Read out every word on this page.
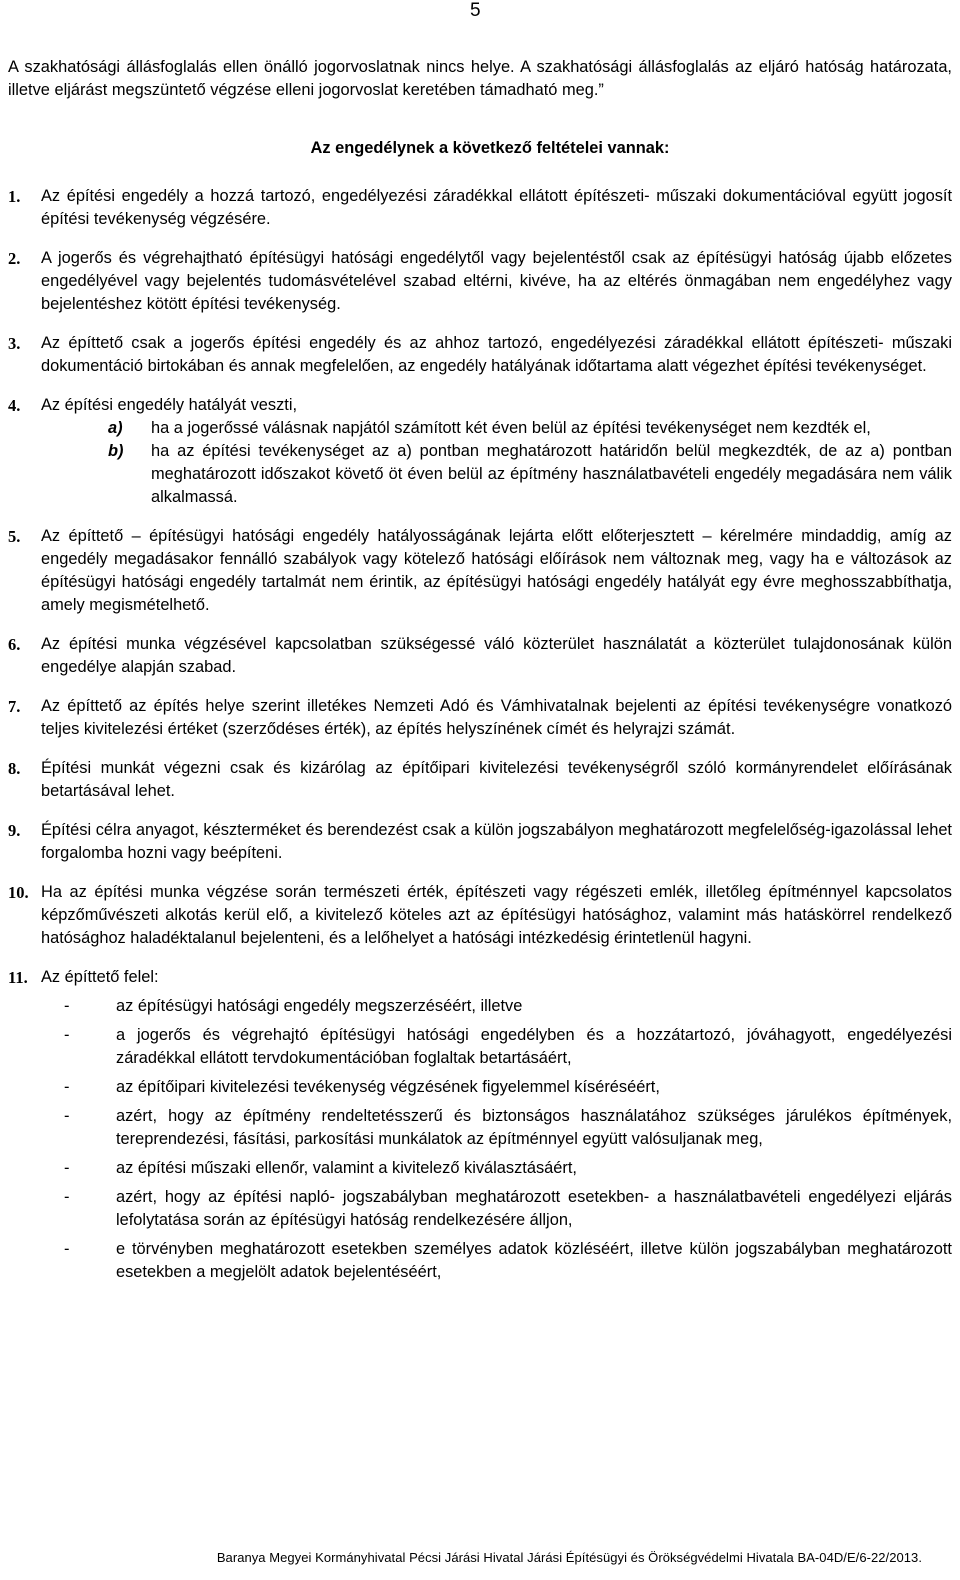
5

A szakhatósági állásfoglalás ellen önálló jogorvoslatnak nincs helye. A szakhatósági állásfoglalás az eljáró hatóság határozata, illetve eljárást megszüntető végzése elleni jogorvoslat keretében támadható meg.”

Az engedélynek a következő feltételei vannak:
1.	Az építési engedély a hozzá tartozó, engedélyezési záradékkal ellátott építészeti- műszaki dokumentációval együtt jogosít építési tevékenység végzésére.

2.	A jogerős és végrehajtható építésügyi hatósági engedélytől vagy bejelentéstől csak az építésügyi hatóság újabb előzetes engedélyével vagy bejelentés tudomásvételével szabad eltérni, kivéve, ha az eltérés önmagában nem engedélyhez vagy bejelentéshez kötött építési tevékenység.

3.	Az építtető csak a jogerős építési engedély és az ahhoz tartozó, engedélyezési záradékkal ellátott építészeti- műszaki dokumentáció birtokában és annak megfelelően, az engedély hatályának időtartama alatt végezhet építési tevékenységet.

4.	Az építési engedély hatályát veszti,

a)	ha a jogerőssé válásnak napjától számított két éven belül az építési tevékenységet nem kezdték el,
b)	ha az építési tevékenységet az a) pontban meghatározott határidőn belül megkezdték, de az a) pontban meghatározott időszakot követő öt éven belül az építmény használatbavételi engedély megadására nem válik alkalmassá.
5.	Az építtető – építésügyi hatósági engedély hatályosságának lejárta előtt előterjesztett – kérelmére mindaddig, amíg az engedély megadásakor fennálló szabályok vagy kötelező hatósági előírások nem változnak meg, vagy ha e változások az építésügyi hatósági engedély tartalmát nem érintik, az építésügyi hatósági engedély hatályát egy évre meghosszabbíthatja, amely megismételhető.

6.	Az építési munka végzésével kapcsolatban szükségessé váló közterület használatát a közterület tulajdonosának külön engedélye alapján szabad.

7.	Az építtető az építés helye szerint illetékes Nemzeti Adó és Vámhivatalnak bejelenti az építési tevékenységre vonatkozó teljes kivitelezési értéket (szerződéses érték), az építés helyszínének címét és helyrajzi számát.

8.	Építési munkát végezni csak és kizárólag az építőipari kivitelezési tevékenységről szóló kormányrendelet előírásának betartásával lehet.

9.	Építési célra anyagot, készterméket és berendezést csak a külön jogszabályon meghatározott megfelelőség-igazolással lehet forgalomba hozni vagy beépíteni.

10. Ha az építési munka végzése során természeti érték, építészeti vagy régészeti emlék, illetőleg építménnyel kapcsolatos képzőművészeti alkotás kerül elő, a kivitelező köteles azt az építésügyi hatósághoz, valamint más hatáskörrel rendelkező hatósághoz haladéktalanul bejelenteni, és a lelőhelyet a hatósági intézkedésig érintetlenül hagyni.

11. Az építtető felel:

-	az építésügyi hatósági engedély megszerzéséért, illetve
-	a jogerős és végrehajtó építésügyi hatósági engedélyben és a hozzátartozó, jóváhagyott, engedélyezési záradékkal ellátott tervdokumentációban foglaltak betartásáért,
-	az építőipari kivitelezési tevékenység végzésének figyelemmel kíséréséért,
-	azért, hogy az építmény rendeltetésszerű és biztonságos használatához szükséges járulékos építmények, tereprendezési, fásítási, parkosítási munkálatok az építménnyel együtt valósuljanak meg,
-	az építési műszaki ellenőr, valamint a kivitelező kiválasztásáért,
-	azért, hogy az építési napló- jogszabályban meghatározott esetekben- a használatbavételi engedélyezi eljárás lefolytatása során az építésügyi hatóság rendelkezésére álljon,
-	e törvényben meghatározott esetekben személyes adatok közléséért, illetve külön jogszabályban meghatározott esetekben a megjelölt adatok bejelentéséért,
Baranya Megyei Kormányhivatal Pécsi Járási Hivatal Járási Építésügyi és Örökségvédelmi Hivatala BA-04D/E/6-22/2013.
